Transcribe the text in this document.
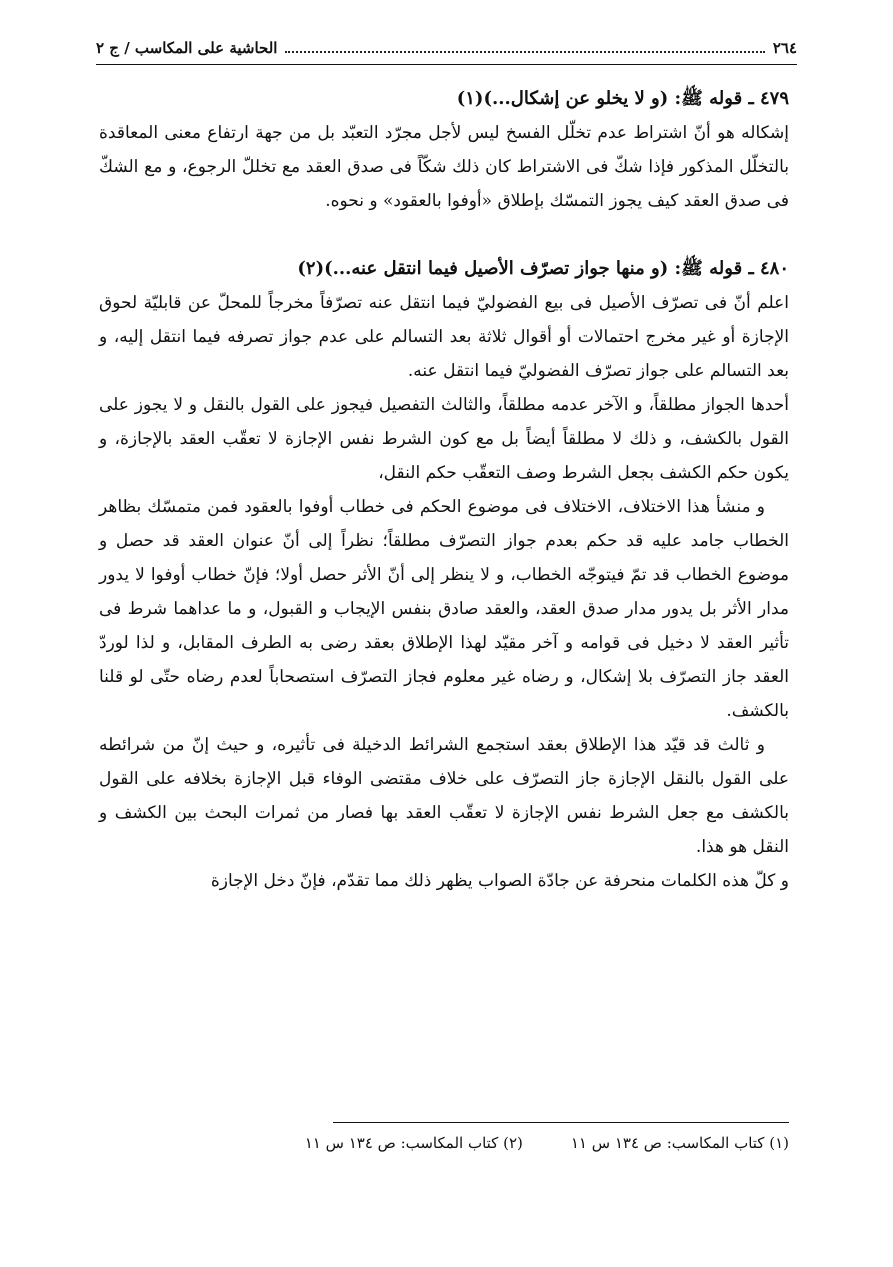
٢٦٤
الحاشية على المكاسب / ج ٢

٤٧٩ ـ قوله ﷺ: (و لا يخلو عن إشكال...)(١)

إشكاله هو أنّ اشتراط عدم تخلّل الفسخ ليس لأجل مجرّد التعبّد بل من جهة ارتفاع معنى المعاقدة بالتخلّل المذكور فإذا شكّ فى الاشتراط كان ذلك شكّاً فى صدق العقد مع تخللّ الرجوع، و مع الشكّ فى صدق العقد كيف يجوز التمسّك بإطلاق «أوفوا بالعقود» و نحوه.

٤٨٠ ـ قوله ﷺ: (و منها جواز تصرّف الأصيل فيما انتقل عنه...)(٢)

اعلم أنّ فى تصرّف الأصيل فى بيع الفضوليّ فيما انتقل عنه تصرّفاً مخرجاً للمحلّ عن قابليّة لحوق الإجازة أو غير مخرج احتمالات أو أقوال ثلاثة بعد التسالم على عدم جواز تصرفه فيما انتقل إليه، و بعد التسالم على جواز تصرّف الفضوليّ فيما انتقل عنه.

أحدها الجواز مطلقاً، و الآخر عدمه مطلقاً، والثالث التفصيل فيجوز على القول بالنقل و لا يجوز على القول بالكشف، و ذلك لا مطلقاً أيضاً بل مع كون الشرط نفس الإجازة لا تعقّب العقد بالإجازة، و يكون حكم الكشف بجعل الشرط وصف التعقّب حكم النقل،

و منشأ هذا الاختلاف، الاختلاف فى موضوع الحكم فى خطاب أوفوا بالعقود فمن متمسّك بظاهر الخطاب جامد عليه قد حكم بعدم جواز التصرّف مطلقاً؛ نظراً إلى أنّ عنوان العقد قد حصل و موضوع الخطاب قد تمّ فيتوجّه الخطاب، و لا ينظر إلى أنّ الأثر حصل أولا؛ فإنّ خطاب أوفوا لا يدور مدار الأثر بل يدور مدار صدق العقد، والعقد صادق بنفس الإيجاب و القبول، و ما عداهما شرط فى تأثير العقد لا دخيل فى قوامه و آخر مقيّد لهذا الإطلاق بعقد رضى به الطرف المقابل، و لذا لوردّ العقد جاز التصرّف بلا إشكال، و رضاه غير معلوم فجاز التصرّف استصحاباً لعدم رضاه حتّى لو قلنا بالكشف.

و ثالث قد قيّد هذا الإطلاق بعقد استجمع الشرائط الدخيلة فى تأثيره، و حيث إنّ من شرائطه على القول بالنقل الإجازة جاز التصرّف على خلاف مقتضى الوفاء قبل الإجازة بخلافه على القول بالكشف مع جعل الشرط نفس الإجازة لا تعقّب العقد بها فصار من ثمرات البحث بين الكشف و النقل هو هذا.

و كلّ هذه الكلمات منحرفة عن جادّة الصواب يظهر ذلك مما تقدّم، فإنّ دخل الإجازة

(١) كتاب المكاسب: ص ١٣٤ س ١١
(٢) كتاب المكاسب: ص ١٣٤ س ١١
